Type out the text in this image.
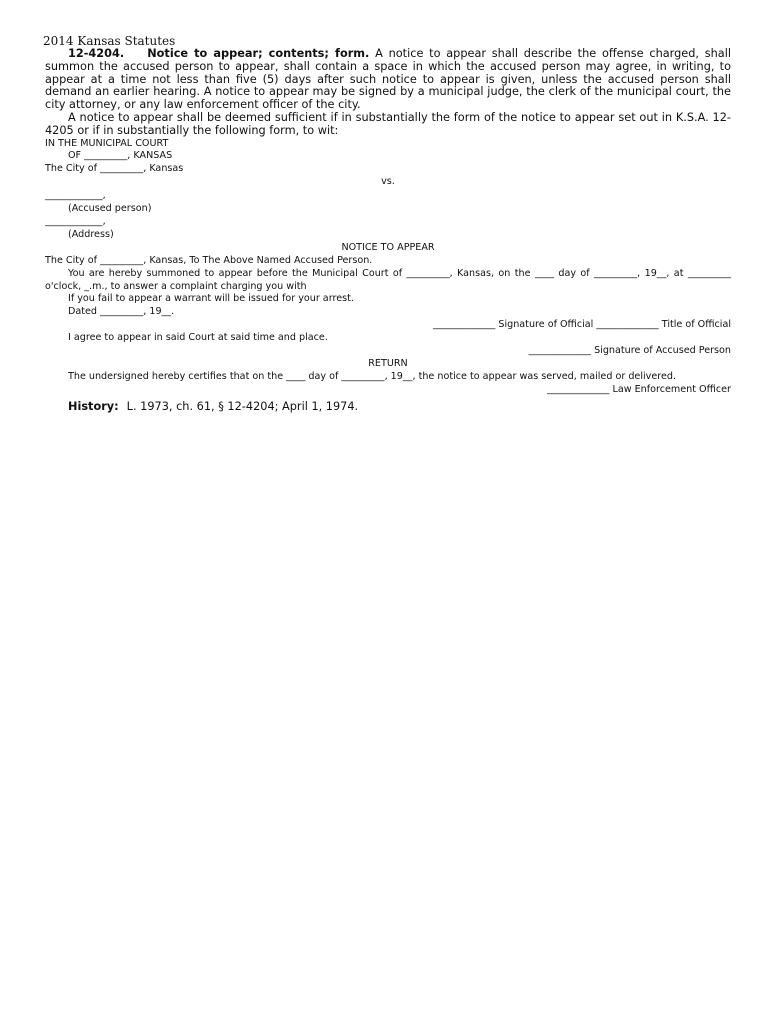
2014 Kansas Statutes

12-4204. Notice to appear; contents; form. A notice to appear shall describe the offense charged, shall summon the accused person to appear, shall contain a space in which the accused person may agree, in writing, to appear at a time not less than five (5) days after such notice to appear is given, unless the accused person shall demand an earlier hearing. A notice to appear may be signed by a municipal judge, the clerk of the municipal court, the city attorney, or any law enforcement officer of the city.

A notice to appear shall be deemed sufficient if in substantially the form of the notice to appear set out in K.S.A. 12-4205 or if in substantially the following form, to wit:

IN THE MUNICIPAL COURT

OF _________, KANSAS

The City of _________, Kansas

vs.

____________,

(Accused person)

____________,

(Address)

NOTICE TO APPEAR

The City of _________, Kansas, To The Above Named Accused Person.

You are hereby summoned to appear before the Municipal Court of _________, Kansas, on the ____ day of _________, 19__, at _________ o'clock, _.m., to answer a complaint charging you with

If you fail to appear a warrant will be issued for your arrest.

Dated _________, 19__.

_____________ Signature of Official _____________ Title of Official

I agree to appear in said Court at said time and place.

_____________ Signature of Accused Person

RETURN

The undersigned hereby certifies that on the ____ day of _________, 19__, the notice to appear was served, mailed or delivered.

_____________ Law Enforcement Officer

History: L. 1973, ch. 61, § 12-4204; April 1, 1974.
